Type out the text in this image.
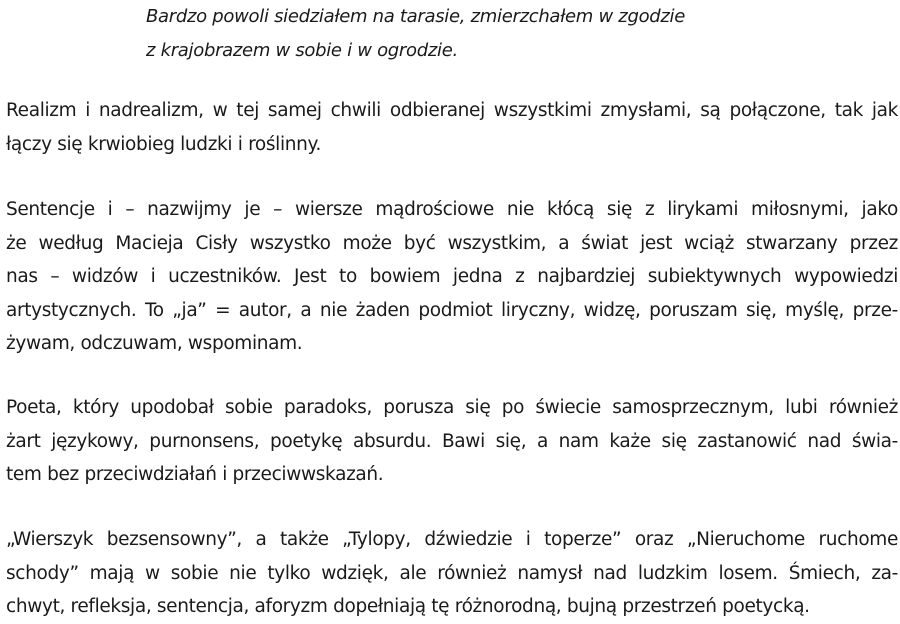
Bardzo powoli siedziałem na tarasie, zmierzchałem w zgodzie
z krajobrazem w sobie i w ogrodzie.
Realizm i nadrealizm, w tej samej chwili odbieranej wszystkimi zmysłami, są połączone, tak jak
łączy się krwiobieg ludzki i roślinny.
Sentencje i – nazwijmy je – wiersze mądrościowe nie kłócą się z lirykami miłosnymi, jako
że według Macieja Cisły wszystko może być wszystkim, a świat jest wciąż stwarzany przez
nas – widzów i uczestników. Jest to bowiem jedna z najbardziej subiektywnych wypowiedzi
artystycznych. To „ja” = autor, a nie żaden podmiot liryczny, widzę, poruszam się, myślę, prze-
żywam, odczuwam, wspominam.
Poeta, który upodobał sobie paradoks, porusza się po świecie samosprzecznym, lubi również
żart językowy, purnonsens, poetykę absurdu. Bawi się, a nam każe się zastanowić nad świa-
tem bez przeciwdziałań i przeciwwskazań.
„Wierszyk bezsensowny”, a także „Tylopy, dźwiedzie i toperze” oraz „Nieruchome ruchome
schody” mają w sobie nie tylko wdzięk, ale również namysł nad ludzkim losem. Śmiech, za-
chwyt, refleksja, sentencja, aforyzm dopełniają tę różnorodną, bujną przestrzeń poetycką.
